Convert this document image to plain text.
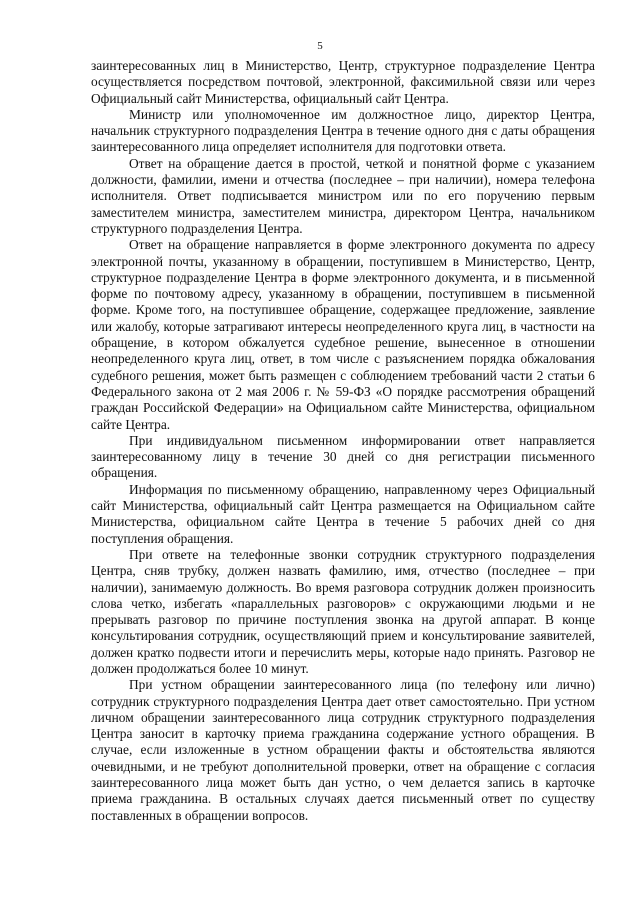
5

заинтересованных лиц в Министерство, Центр, структурное подразделение Центра осуществляется посредством почтовой, электронной, факсимильной связи или через Официальный сайт Министерства, официальный сайт Центра.

Министр или уполномоченное им должностное лицо, директор Центра, начальник структурного подразделения Центра в течение одного дня с даты обращения заинтересованного лица определяет исполнителя для подготовки ответа.

Ответ на обращение дается в простой, четкой и понятной форме с указанием должности, фамилии, имени и отчества (последнее – при наличии), номера телефона исполнителя. Ответ подписывается министром или по его поручению первым заместителем министра, заместителем министра, директором Центра, начальником структурного подразделения Центра.

Ответ на обращение направляется в форме электронного документа по адресу электронной почты, указанному в обращении, поступившем в Министерство, Центр, структурное подразделение Центра в форме электронного документа, и в письменной форме по почтовому адресу, указанному в обращении, поступившем в письменной форме. Кроме того, на поступившее обращение, содержащее предложение, заявление или жалобу, которые затрагивают интересы неопределенного круга лиц, в частности на обращение, в котором обжалуется судебное решение, вынесенное в отношении неопределенного круга лиц, ответ, в том числе с разъяснением порядка обжалования судебного решения, может быть размещен с соблюдением требований части 2 статьи 6 Федерального закона от 2 мая 2006 г. № 59-ФЗ «О порядке рассмотрения обращений граждан Российской Федерации» на Официальном сайте Министерства, официальном сайте Центра.

При индивидуальном письменном информировании ответ направляется заинтересованному лицу в течение 30 дней со дня регистрации письменного обращения.

Информация по письменному обращению, направленному через Официальный сайт Министерства, официальный сайт Центра размещается на Официальном сайте Министерства, официальном сайте Центра в течение 5 рабочих дней со дня поступления обращения.

При ответе на телефонные звонки сотрудник структурного подразделения Центра, сняв трубку, должен назвать фамилию, имя, отчество (последнее – при наличии), занимаемую должность. Во время разговора сотрудник должен произносить слова четко, избегать «параллельных разговоров» с окружающими людьми и не прерывать разговор по причине поступления звонка на другой аппарат. В конце консультирования сотрудник, осуществляющий прием и консультирование заявителей, должен кратко подвести итоги и перечислить меры, которые надо принять. Разговор не должен продолжаться более 10 минут.

При устном обращении заинтересованного лица (по телефону или лично) сотрудник структурного подразделения Центра дает ответ самостоятельно. При устном личном обращении заинтересованного лица сотрудник структурного подразделения Центра заносит в карточку приема гражданина содержание устного обращения. В случае, если изложенные в устном обращении факты и обстоятельства являются очевидными, и не требуют дополнительной проверки, ответ на обращение с согласия заинтересованного лица может быть дан устно, о чем делается запись в карточке приема гражданина. В остальных случаях дается письменный ответ по существу поставленных в обращении вопросов.
